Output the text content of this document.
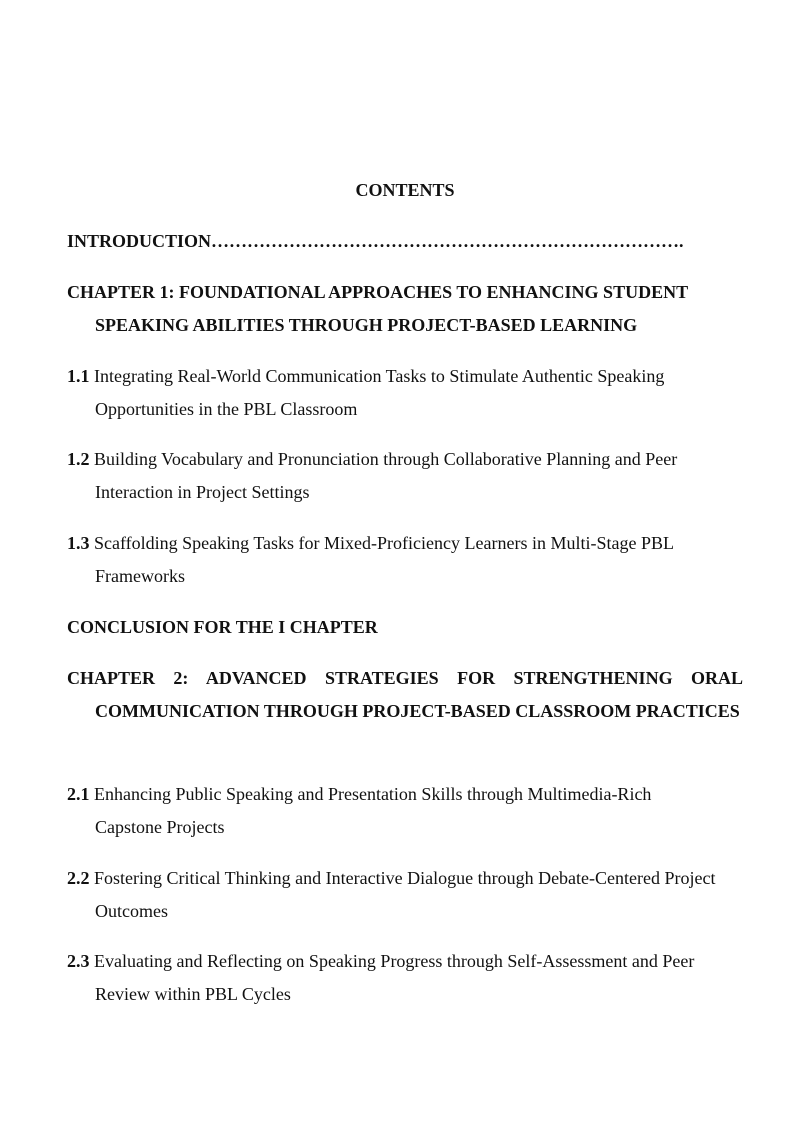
CONTENTS
INTRODUCTION…………………………………………………………………….
CHAPTER 1: FOUNDATIONAL APPROACHES TO ENHANCING STUDENT SPEAKING ABILITIES THROUGH PROJECT-BASED LEARNING
1.1 Integrating Real-World Communication Tasks to Stimulate Authentic Speaking Opportunities in the PBL Classroom
1.2 Building Vocabulary and Pronunciation through Collaborative Planning and Peer Interaction in Project Settings
1.3 Scaffolding Speaking Tasks for Mixed-Proficiency Learners in Multi-Stage PBL Frameworks
CONCLUSION FOR THE I CHAPTER
CHAPTER 2: ADVANCED STRATEGIES FOR STRENGTHENING ORAL COMMUNICATION THROUGH PROJECT-BASED CLASSROOM PRACTICES
2.1 Enhancing Public Speaking and Presentation Skills through Multimedia-Rich Capstone Projects
2.2 Fostering Critical Thinking and Interactive Dialogue through Debate-Centered Project Outcomes
2.3 Evaluating and Reflecting on Speaking Progress through Self-Assessment and Peer Review within PBL Cycles
